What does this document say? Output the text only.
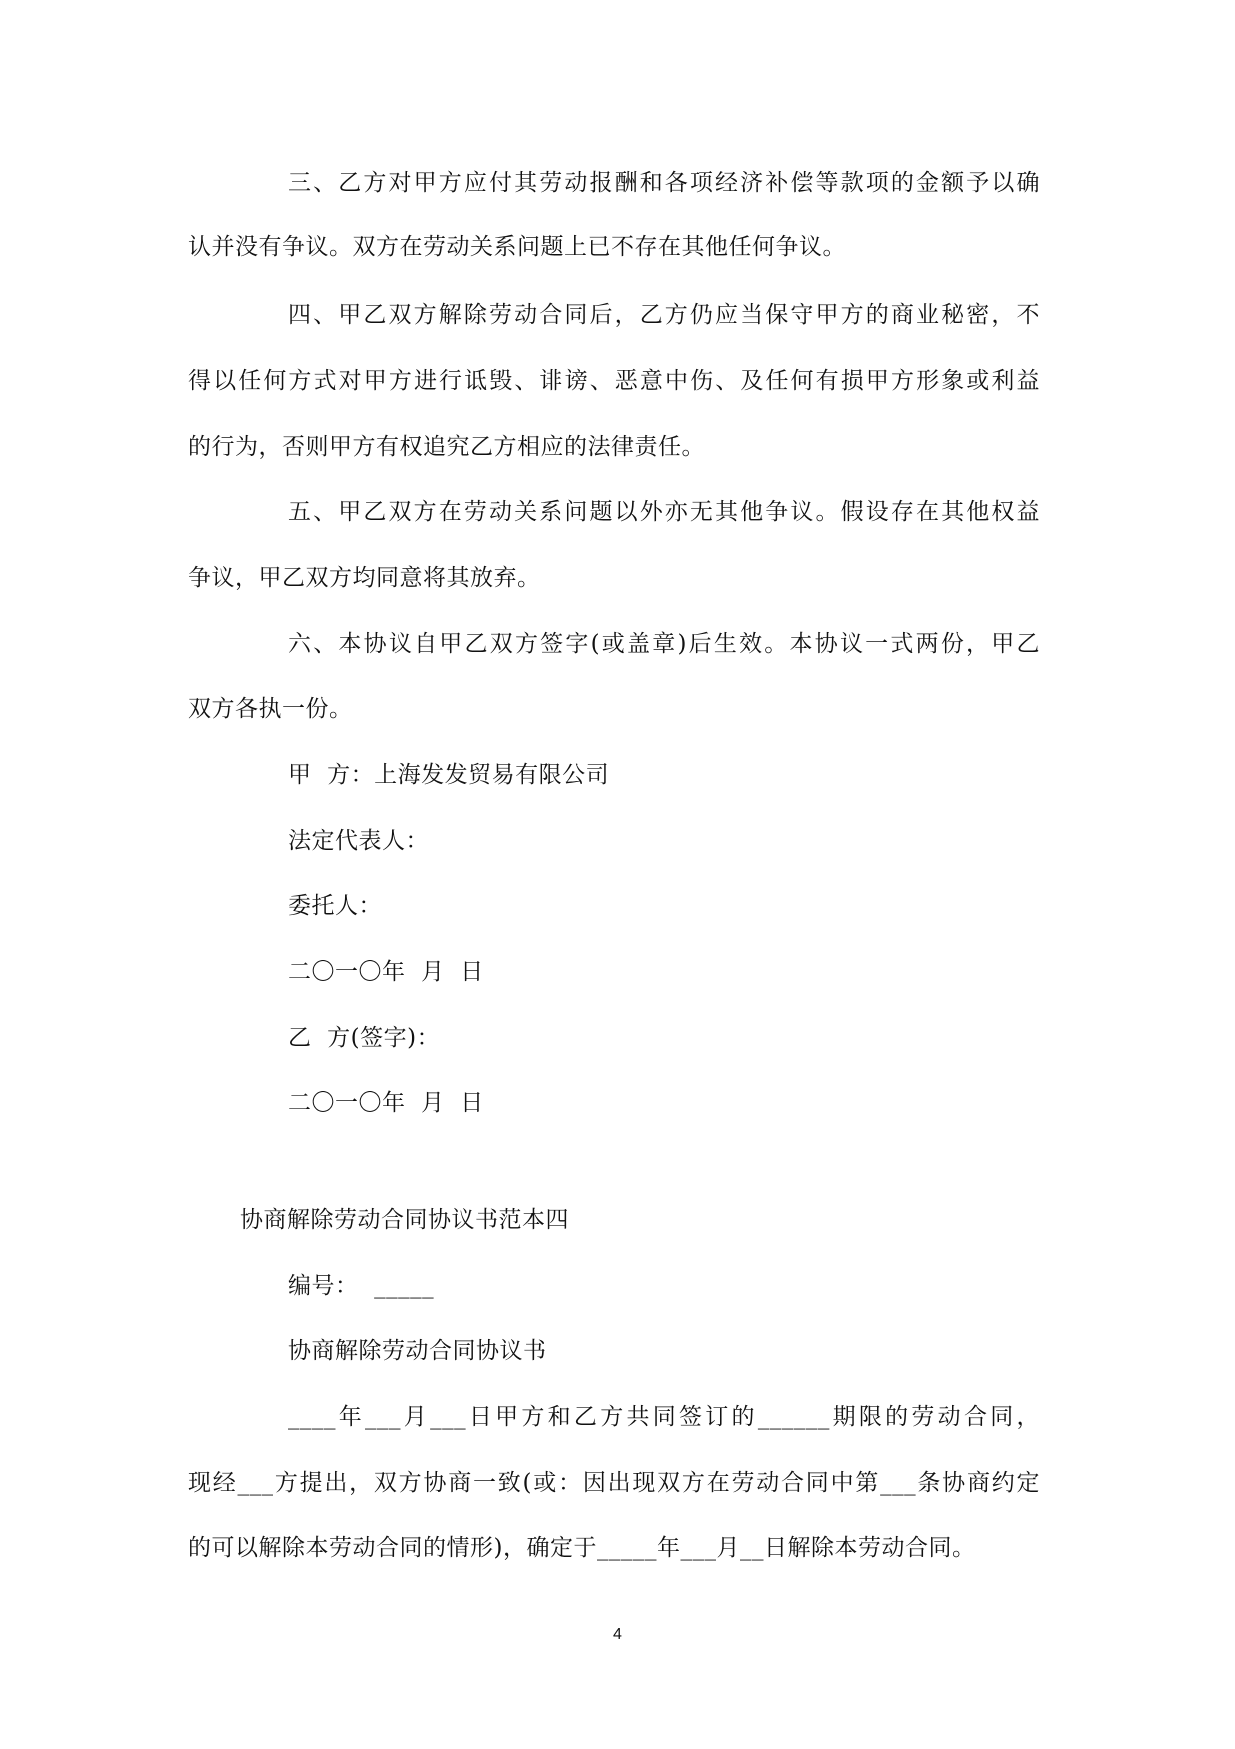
三、乙方对甲方应付其劳动报酬和各项经济补偿等款项的金额予以确
认并没有争议。双方在劳动关系问题上已不存在其他任何争议。
四、甲乙双方解除劳动合同后，乙方仍应当保守甲方的商业秘密，不
得以任何方式对甲方进行诋毁、诽谤、恶意中伤、及任何有损甲方形象或利益
的行为，否则甲方有权追究乙方相应的法律责任。
五、甲乙双方在劳动关系问题以外亦无其他争议。假设存在其他权益
争议，甲乙双方均同意将其放弃。
六、本协议自甲乙双方签字(或盖章)后生效。本协议一式两份，甲乙
双方各执一份。
甲  方：上海发发贸易有限公司
法定代表人：
委托人：
二〇一〇年  月  日
乙  方(签字)：
二〇一〇年  月  日
协商解除劳动合同协议书范本四
编号：  _____
协商解除劳动合同协议书
____年___月___日甲方和乙方共同签订的______期限的劳动合同，
现经___方提出，双方协商一致(或：因出现双方在劳动合同中第___条协商约定
的可以解除本劳动合同的情形)，确定于_____年___月__日解除本劳动合同。
4
